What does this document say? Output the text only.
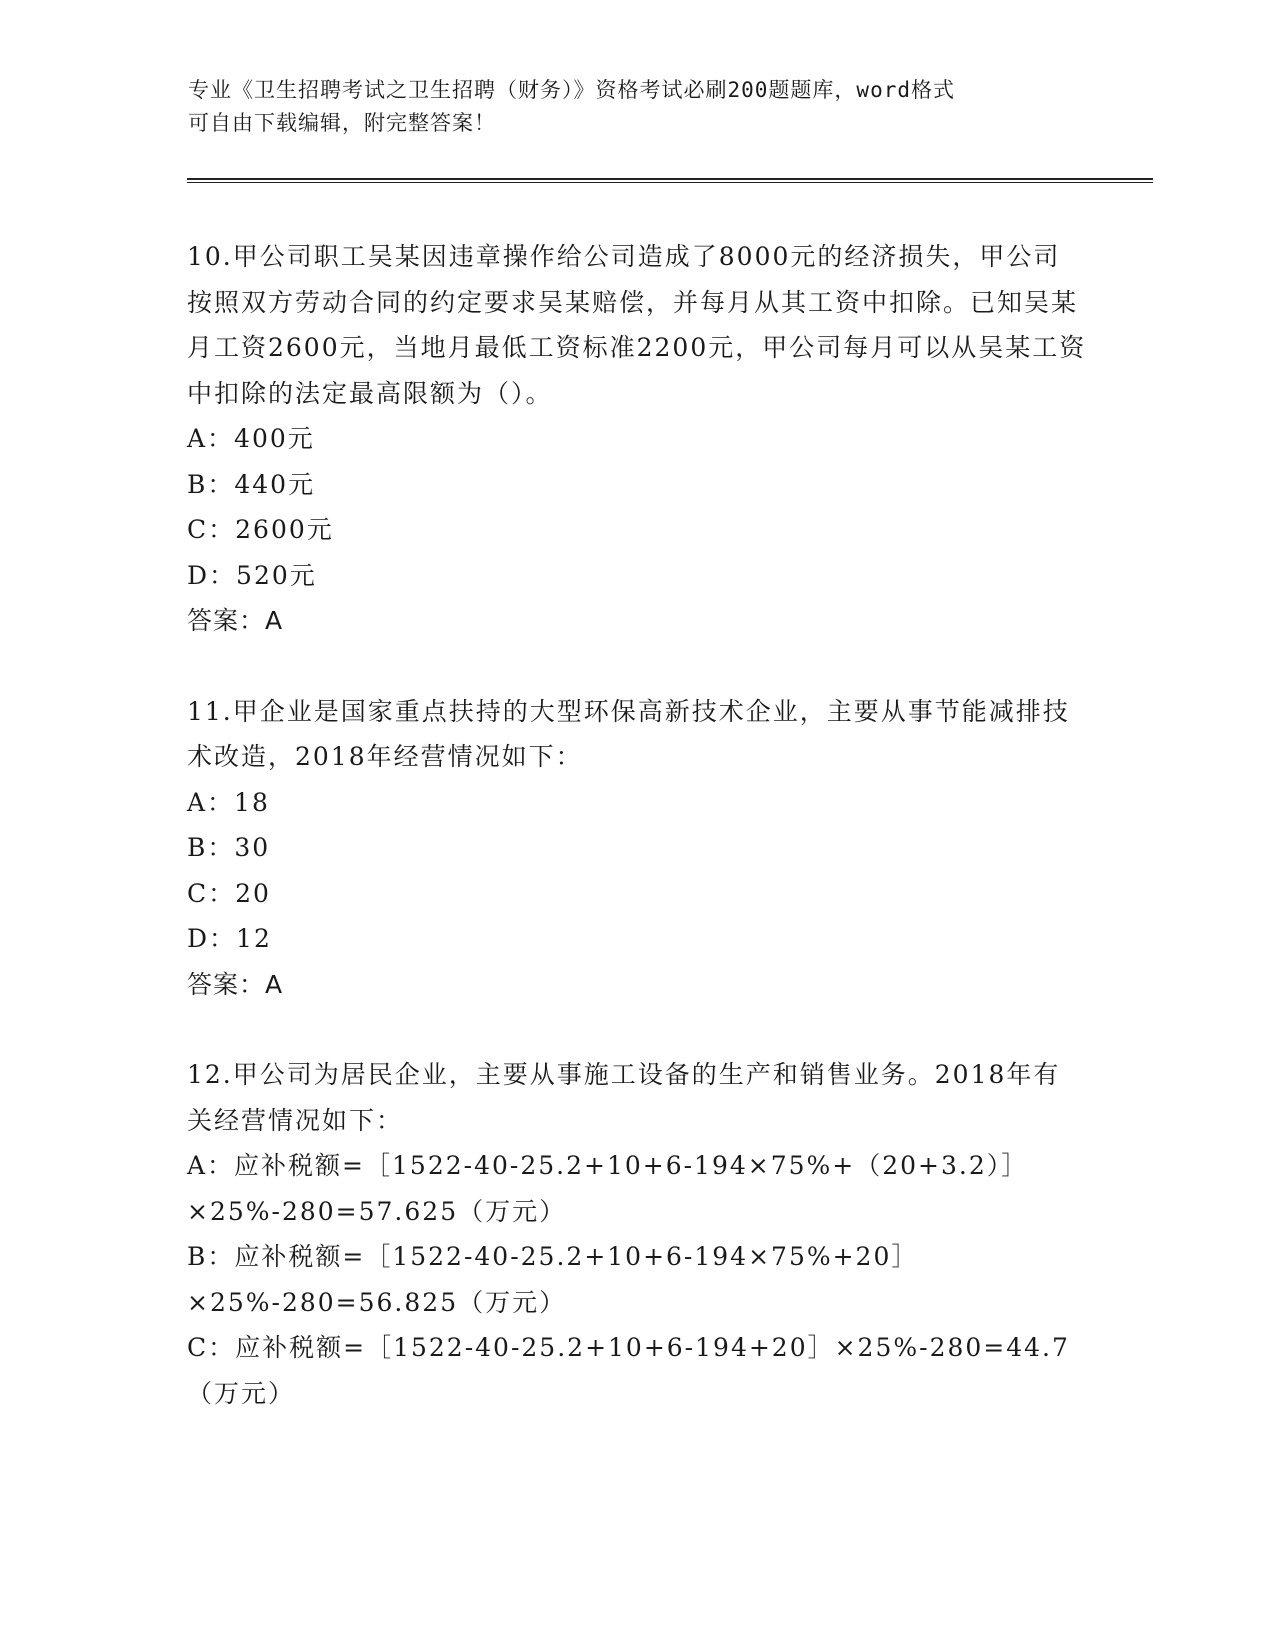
专业《卫生招聘考试之卫生招聘（财务）》资格考试必刷200题题库，word格式
可自由下载编辑，附完整答案！

10.甲公司职工吴某因违章操作给公司造成了8000元的经济损失，甲公司按照双方劳动合同的约定要求吴某赔偿，并每月从其工资中扣除。已知吴某月工资2600元，当地月最低工资标准2200元，甲公司每月可以从吴某工资中扣除的法定最高限额为（）。

A：400元
B：440元
C：2600元
D：520元
答案：A

11.甲企业是国家重点扶持的大型环保高新技术企业，主要从事节能减排技术改造，2018年经营情况如下：

A：18
B：30
C：20
D：12
答案：A

12.甲公司为居民企业，主要从事施工设备的生产和销售业务。2018年有关经营情况如下：

A：应补税额=［1522-40-25.2+10+6-194×75%+（20+3.2）］×25%-280=57.625（万元）
B：应补税额=［1522-40-25.2+10+6-194×75%+20］×25%-280=56.825（万元）
C：应补税额=［1522-40-25.2+10+6-194+20］×25%-280=44.7（万元）
